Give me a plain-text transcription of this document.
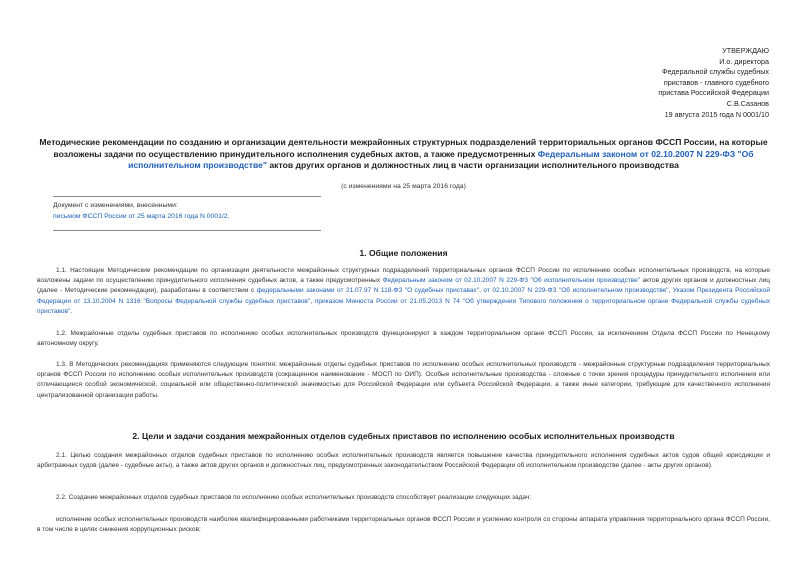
УТВЕРЖДАЮ
И.о. директора
Федеральной службы судебных
приставов - главного судебного
пристава Российской Федерации
С.В.Сазанов
19 августа 2015 года N 0001/10
Методические рекомендации по созданию и организации деятельности межрайонных структурных подразделений территориальных органов ФССП России, на которые возложены задачи по осуществлению принудительного исполнения судебных актов, а также предусмотренных Федеральным законом от 02.10.2007 N 229-ФЗ "Об исполнительном производстве" актов других органов и должностных лиц в части организации исполнительного производства
(с изменениями на 25 марта 2016 года)
Документ с изменениями, внесенными:
письмом ФССП России от 25 марта 2016 года N 0001/2.
1. Общие положения
1.1. Настоящие Методические рекомендации по организации деятельности межрайонных структурных подразделений территориальных органов ФССП России по исполнению особых исполнительных производств, на которые возложены задачи по осуществлению принудительного исполнения судебных актов, а также предусмотренных Федеральным законом от 02.10.2007 N 229-ФЗ "Об исполнительном производстве" актов других органов и должностных лиц (далее - Методические рекомендации), разработаны в соответствии с федеральными законами от 21.07.97 N 118-ФЗ "О судебных приставах", от 02.10.2007 N 229-ФЗ "Об исполнительном производстве", Указом Президента Российской Федерации от 13.10.2004 N 1316 "Вопросы Федеральной службы судебных приставов", приказом Минюста России от 21.05.2013 N 74 "Об утверждении Типового положения о территориальном органе Федеральной службы судебных приставов".
1.2. Межрайонные отделы судебных приставов по исполнению особых исполнительных производств функционируют в каждом территориальном органе ФССП России, за исключением Отдела ФССП России по Ненецкому автономному округу.
1.3. В Методических рекомендациях применяются следующие понятия: межрайонные отделы судебных приставов по исполнению особых исполнительных производств - межрайонные структурные подразделения территориальных органов ФССП России по исполнению особых исполнительных производств (сокращенное наименование - МОСП по ОИП). Особые исполнительные производства - сложные с точки зрения процедуры принудительного исполнения или отличающиеся особой экономической, социальной или общественно-политической значимостью для Российской Федерации или субъекта Российской Федерации, а также иные категории, требующие для качественного исполнения централизованной организации работы.
2. Цели и задачи создания межрайонных отделов судебных приставов по исполнению особых исполнительных производств
2.1. Целью создания межрайонных отделов судебных приставов по исполнению особых исполнительных производств является повышение качества принудительного исполнения судебных актов судов общей юрисдикции и арбитражных судов (далее - судебные акты), а также актов других органов и должностных лиц, предусмотренных законодательством Российской Федерации об исполнительном производстве (далее - акты других органов).
2.2. Создание межрайонных отделов судебных приставов по исполнению особых исполнительных производств способствует реализации следующих задач:
исполнение особых исполнительных производств наиболее квалифицированными работниками территориальных органов ФССП России и усилению контроля со стороны аппарата управления территориального органа ФССП России, в том числе в целях снижения коррупционных рисков;
